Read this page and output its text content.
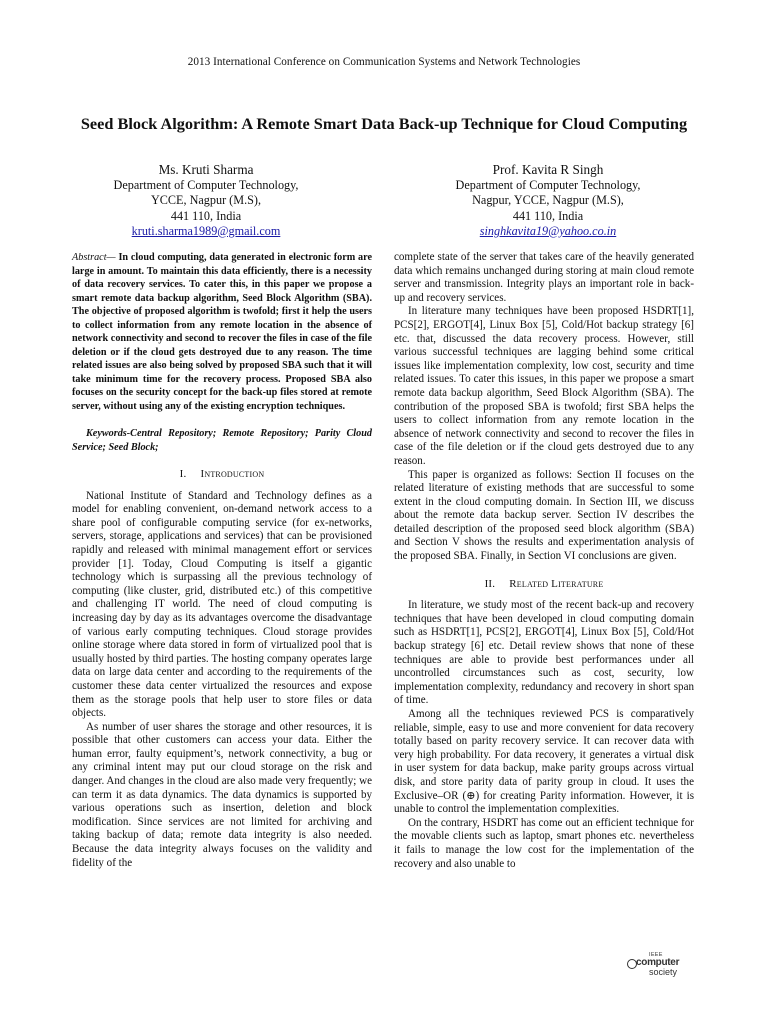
2013 International Conference on Communication Systems and Network Technologies
Seed Block Algorithm: A Remote Smart Data Back-up Technique for Cloud Computing
Ms. Kruti Sharma
Department of Computer Technology,
YCCE, Nagpur (M.S),
441 110, India
kruti.sharma1989@gmail.com
Prof. Kavita R Singh
Department of Computer Technology,
Nagpur, YCCE, Nagpur (M.S),
441 110, India
singhkavita19@yahoo.co.in
Abstract— In cloud computing, data generated in electronic form are large in amount. To maintain this data efficiently, there is a necessity of data recovery services. To cater this, in this paper we propose a smart remote data backup algorithm, Seed Block Algorithm (SBA). The objective of proposed algorithm is twofold; first it help the users to collect information from any remote location in the absence of network connectivity and second to recover the files in case of the file deletion or if the cloud gets destroyed due to any reason. The time related issues are also being solved by proposed SBA such that it will take minimum time for the recovery process. Proposed SBA also focuses on the security concept for the back-up files stored at remote server, without using any of the existing encryption techniques.
Keywords-Central Repository; Remote Repository; Parity Cloud Service; Seed Block;
I. Introduction

National Institute of Standard and Technology defines as a model for enabling convenient, on-demand network access to a share pool of configurable computing service (for ex-networks, servers, storage, applications and services) that can be provisioned rapidly and released with minimal management effort or services provider [1]. Today, Cloud Computing is itself a gigantic technology which is surpassing all the previous technology of computing (like cluster, grid, distributed etc.) of this competitive and challenging IT world. The need of cloud computing is increasing day by day as its advantages overcome the disadvantage of various early computing techniques. Cloud storage provides online storage where data stored in form of virtualized pool that is usually hosted by third parties. The hosting company operates large data on large data center and according to the requirements of the customer these data center virtualized the resources and expose them as the storage pools that help user to store files or data objects.

As number of user shares the storage and other resources, it is possible that other customers can access your data. Either the human error, faulty equipment’s, network connectivity, a bug or any criminal intent may put our cloud storage on the risk and danger. And changes in the cloud are also made very frequently; we can term it as data dynamics. The data dynamics is supported by various operations such as insertion, deletion and block modification. Since services are not limited for archiving and taking backup of data; remote data integrity is also needed. Because the data integrity always focuses on the validity and fidelity of the

complete state of the server that takes care of the heavily generated data which remains unchanged during storing at main cloud remote server and transmission. Integrity plays an important role in back-up and recovery services.

In literature many techniques have been proposed HSDRT[1], PCS[2], ERGOT[4], Linux Box [5], Cold/Hot backup strategy [6] etc. that, discussed the data recovery process. However, still various successful techniques are lagging behind some critical issues like implementation complexity, low cost, security and time related issues. To cater this issues, in this paper we propose a smart remote data backup algorithm, Seed Block Algorithm (SBA). The contribution of the proposed SBA is twofold; first SBA helps the users to collect information from any remote location in the absence of network connectivity and second to recover the files in case of the file deletion or if the cloud gets destroyed due to any reason.

This paper is organized as follows: Section II focuses on the related literature of existing methods that are successful to some extent in the cloud computing domain. In Section III, we discuss about the remote data backup server. Section IV describes the detailed description of the proposed seed block algorithm (SBA) and Section V shows the results and experimentation analysis of the proposed SBA. Finally, in Section VI conclusions are given.

II. Related Literature

In literature, we study most of the recent back-up and recovery techniques that have been developed in cloud computing domain such as HSDRT[1], PCS[2], ERGOT[4], Linux Box [5], Cold/Hot backup strategy [6] etc. Detail review shows that none of these techniques are able to provide best performances under all uncontrolled circumstances such as cost, security, low implementation complexity, redundancy and recovery in short span of time.

Among all the techniques reviewed PCS is comparatively reliable, simple, easy to use and more convenient for data recovery totally based on parity recovery service. It can recover data with very high probability. For data recovery, it generates a virtual disk in user system for data backup, make parity groups across virtual disk, and store parity data of parity group in cloud. It uses the Exclusive–OR (⊕) for creating Parity information. However, it is unable to control the implementation complexities.

On the contrary, HSDRT has come out an efficient technique for the movable clients such as laptop, smart phones etc. nevertheless it fails to manage the low cost for the implementation of the recovery and also unable to

IEEE
computer
society
